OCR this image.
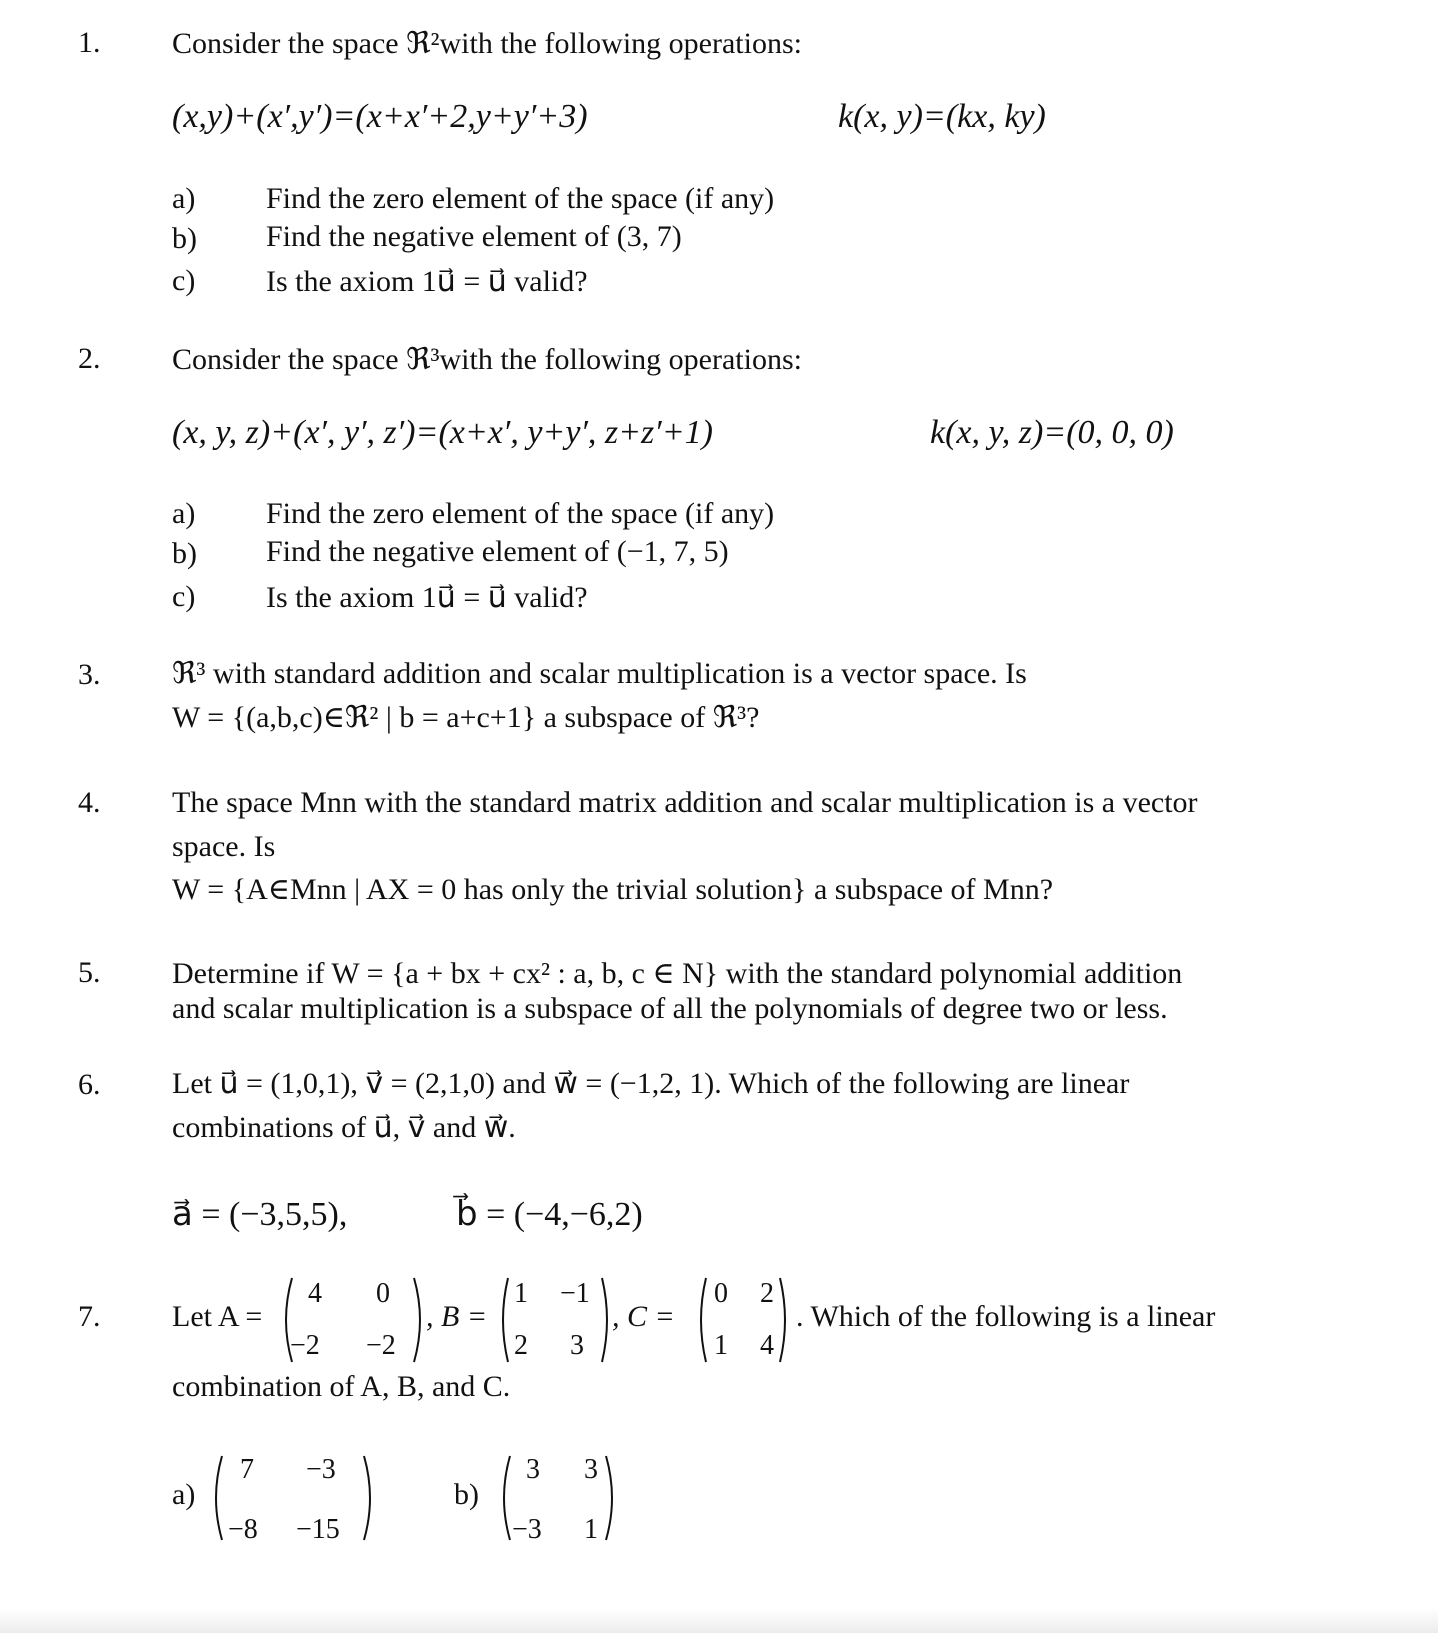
1. Consider the space ℜ²with the following operations:
(x,y)+(x′,y′)=(x+x′+2,y+y′+3)	k(x, y)=(kx, ky)
a) Find the zero element of the space (if any)
b) Find the negative element of (3, 7)
c) Is the axiom 1u⃗ = u⃗ valid?
2. Consider the space ℜ³with the following operations:
(x, y, z)+(x′, y′, z′)=(x+x′, y+y′, z+z′+1)	k(x, y, z)=(0, 0, 0)
a) Find the zero element of the space (if any)
b) Find the negative element of (−1, 7, 5)
c) Is the axiom 1u⃗ = u⃗ valid?
3. ℜ³ with standard addition and scalar multiplication is a vector space. Is
W = {(a,b,c)∈ℜ² | b = a+c+1} a subspace of ℜ³?
4. The space Mnn with the standard matrix addition and scalar multiplication is a vector
space. Is
W = {A∈Mnn | AX = 0 has only the trivial solution} a subspace of Mnn?
5. Determine if W = {a + bx + cx² : a, b, c ∈ N} with the standard polynomial addition
and scalar multiplication is a subspace of all the polynomials of degree two or less.
6. Let u⃗ = (1,0,1), v⃗ = (2,1,0) and w⃗ = (−1,2, 1). Which of the following are linear
combinations of u⃗, v⃗ and w⃗.
a⃗ = (−3,5,5),	b⃗ = (−4,−6,2)
7. Let A =
4 0
−2 −2
, B =
1 −1
2 3
, C =
0 2
1 4
. Which of the following is a linear
combination of A, B, and C.
a)
7 −3
−8 −15
b)
3 3
−3 1
